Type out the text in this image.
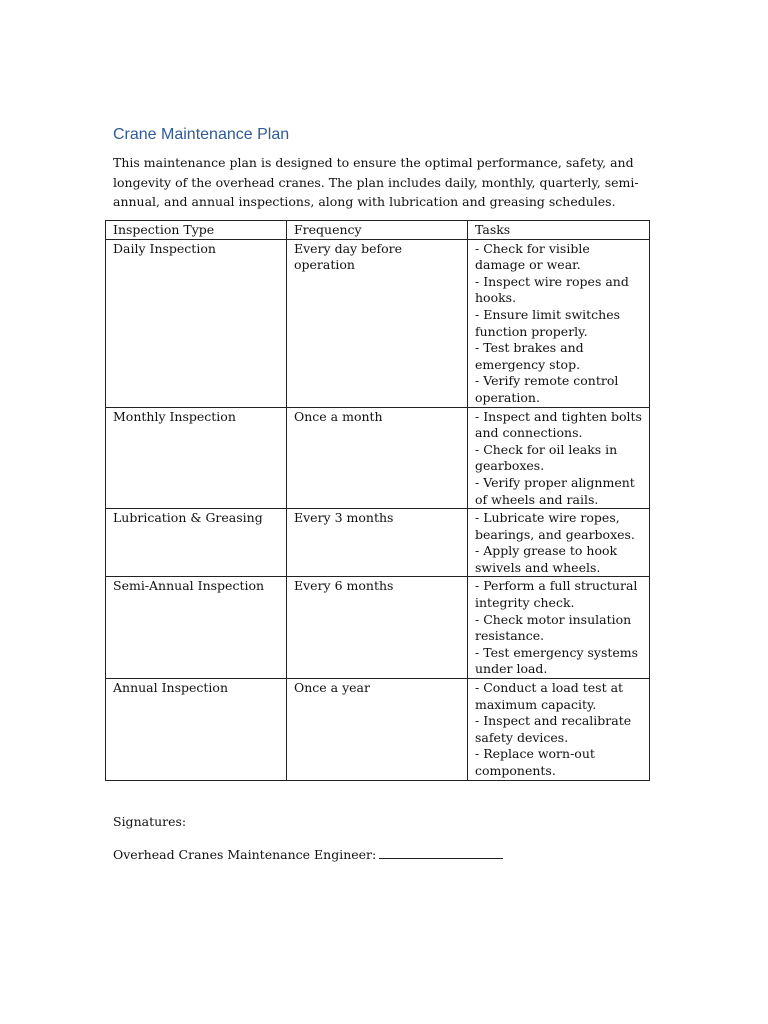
Crane Maintenance Plan

This maintenance plan is designed to ensure the optimal performance, safety, and longevity of the overhead cranes. The plan includes daily, monthly, quarterly, semi-annual, and annual inspections, along with lubrication and greasing schedules.

Inspection Type	Frequency	Tasks
Daily Inspection	Every day before operation	- Check for visible damage or wear.
- Inspect wire ropes and hooks.
- Ensure limit switches function properly.
- Test brakes and emergency stop.
- Verify remote control operation.

Monthly Inspection	Once a month	- Inspect and tighten bolts and connections.
- Check for oil leaks in gearboxes.
- Verify proper alignment of wheels and rails.

Lubrication & Greasing	Every 3 months	- Lubricate wire ropes, bearings, and gearboxes.
- Apply grease to hook swivels and wheels.

Semi-Annual Inspection	Every 6 months	- Perform a full structural integrity check.
- Check motor insulation resistance.
- Test emergency systems under load.

Annual Inspection	Once a year	- Conduct a load test at maximum capacity.
- Inspect and recalibrate safety devices.
- Replace worn-out components.

Signatures:

Overhead Cranes Maintenance Engineer:
